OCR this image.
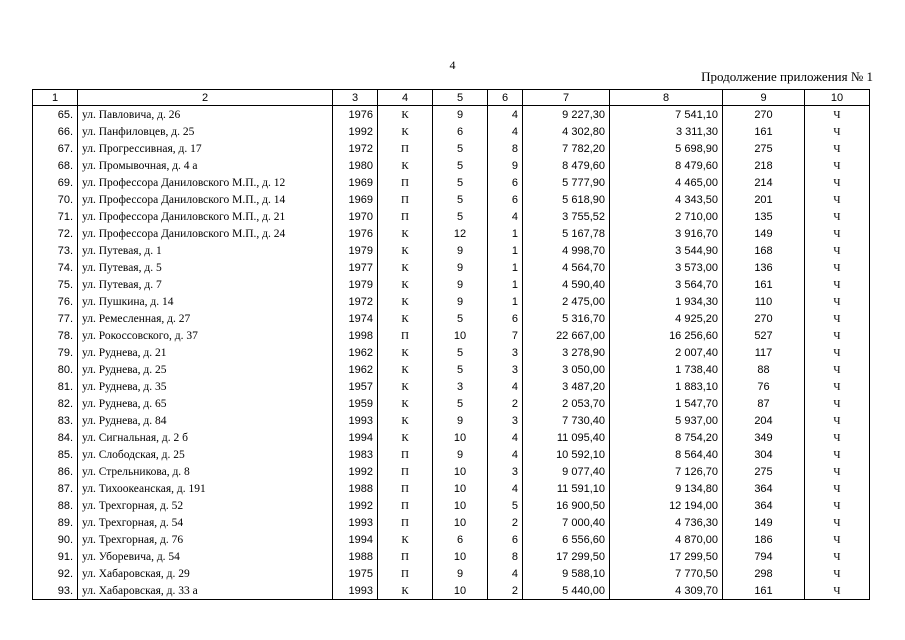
4
Продолжение приложения № 1
1	2	3	4	5	6	7	8	9	10
65.	ул. Павловича, д. 26	1976	К	9	4	9 227,30	7 541,10	270	Ч
66.	ул. Панфиловцев, д. 25	1992	К	6	4	4 302,80	3 311,30	161	Ч
67.	ул. Прогрессивная, д. 17	1972	П	5	8	7 782,20	5 698,90	275	Ч
68.	ул. Промывочная, д. 4 а	1980	К	5	9	8 479,60	8 479,60	218	Ч
69.	ул. Профессора Даниловского М.П., д. 12	1969	П	5	6	5 777,90	4 465,00	214	Ч
70.	ул. Профессора Даниловского М.П., д. 14	1969	П	5	6	5 618,90	4 343,50	201	Ч
71.	ул. Профессора Даниловского М.П., д. 21	1970	П	5	4	3 755,52	2 710,00	135	Ч
72.	ул. Профессора Даниловского М.П., д. 24	1976	К	12	1	5 167,78	3 916,70	149	Ч
73.	ул. Путевая, д. 1	1979	К	9	1	4 998,70	3 544,90	168	Ч
74.	ул. Путевая, д. 5	1977	К	9	1	4 564,70	3 573,00	136	Ч
75.	ул. Путевая, д. 7	1979	К	9	1	4 590,40	3 564,70	161	Ч
76.	ул. Пушкина, д. 14	1972	К	9	1	2 475,00	1 934,30	110	Ч
77.	ул. Ремесленная, д. 27	1974	К	5	6	5 316,70	4 925,20	270	Ч
78.	ул. Рокоссовского, д. 37	1998	П	10	7	22 667,00	16 256,60	527	Ч
79.	ул. Руднева, д. 21	1962	К	5	3	3 278,90	2 007,40	117	Ч
80.	ул. Руднева, д. 25	1962	К	5	3	3 050,00	1 738,40	88	Ч
81.	ул. Руднева, д. 35	1957	К	3	4	3 487,20	1 883,10	76	Ч
82.	ул. Руднева, д. 65	1959	К	5	2	2 053,70	1 547,70	87	Ч
83.	ул. Руднева, д. 84	1993	К	9	3	7 730,40	5 937,00	204	Ч
84.	ул. Сигнальная, д. 2 б	1994	К	10	4	11 095,40	8 754,20	349	Ч
85.	ул. Слободская, д. 25	1983	П	9	4	10 592,10	8 564,40	304	Ч
86.	ул. Стрельникова, д. 8	1992	П	10	3	9 077,40	7 126,70	275	Ч
87.	ул. Тихоокеанская, д. 191	1988	П	10	4	11 591,10	9 134,80	364	Ч
88.	ул. Трехгорная, д. 52	1992	П	10	5	16 900,50	12 194,00	364	Ч
89.	ул. Трехгорная, д. 54	1993	П	10	2	7 000,40	4 736,30	149	Ч
90.	ул. Трехгорная, д. 76	1994	К	6	6	6 556,60	4 870,00	186	Ч
91.	ул. Уборевича, д. 54	1988	П	10	8	17 299,50	17 299,50	794	Ч
92.	ул. Хабаровская, д. 29	1975	П	9	4	9 588,10	7 770,50	298	Ч
93.	ул. Хабаровская, д. 33 а	1993	К	10	2	5 440,00	4 309,70	161	Ч
